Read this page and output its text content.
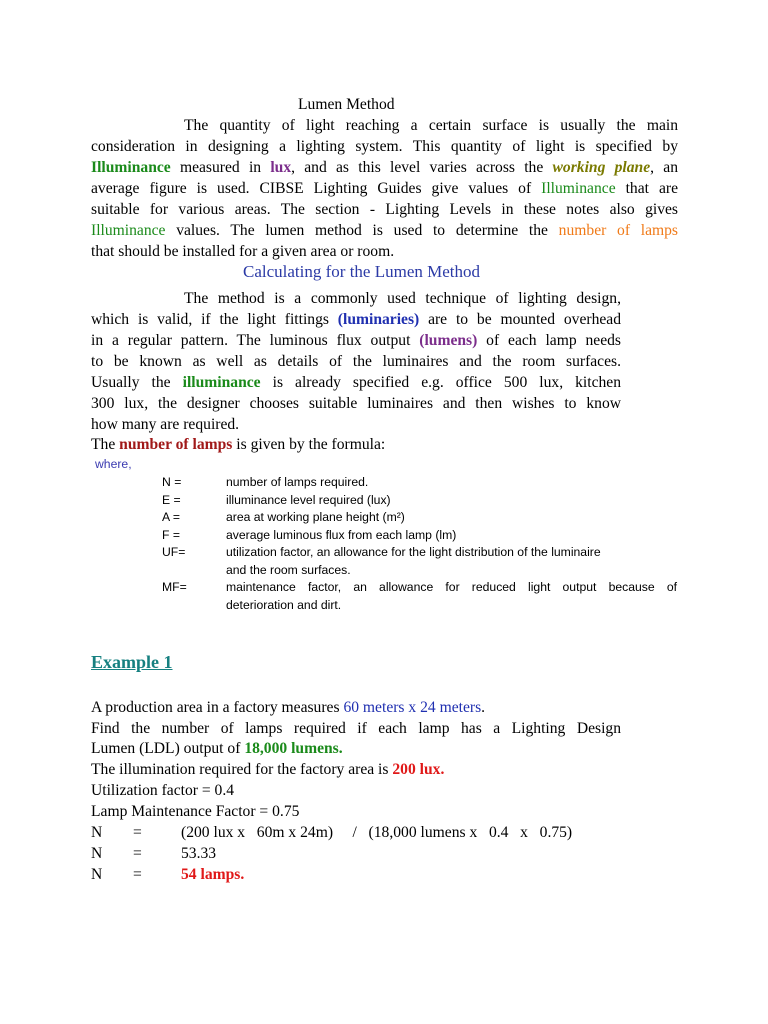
Lumen Method
The quantity of light reaching a certain surface is usually the main
consideration in designing a lighting system. This quantity of light is specified by
Illuminance measured in lux, and as this level varies across the working plane, an
average figure is used. CIBSE Lighting Guides give values of Illuminance that are
suitable for various areas. The section - Lighting Levels in these notes also gives
Illuminance values. The lumen method is used to determine the number of lamps
that should be installed for a given area or room.
Calculating for the Lumen Method
The method is a commonly used technique of lighting design,
which is valid, if the light fittings (luminaries) are to be mounted overhead
in a regular pattern. The luminous flux output (lumens) of each lamp needs
to be known as well as details of the luminaires and the room surfaces.
Usually the illuminance is already specified e.g. office 500 lux, kitchen
300 lux, the designer chooses suitable luminaires and then wishes to know
how many are required.
The number of lamps is given by the formula:
where,
N =	number of lamps required.
E =	illuminance level required (lux)
A =	area at working plane height (m²)
F =	average luminous flux from each lamp (lm)
UF=	utilization factor, an allowance for the light distribution of the luminaire
and the room surfaces.
MF=	maintenance factor, an allowance for reduced light output because of
deterioration and dirt.
Example 1
A production area in a factory measures 60 meters x 24 meters.
Find the number of lamps required if each lamp has a Lighting Design
Lumen (LDL) output of 18,000 lumens.
The illumination required for the factory area is 200 lux.
Utilization factor = 0.4
Lamp Maintenance Factor = 0.75
N =	(200 lux x   60m x 24m)     /   (18,000 lumens x   0.4   x   0.75)
N =	53.33
N =	54 lamps.
